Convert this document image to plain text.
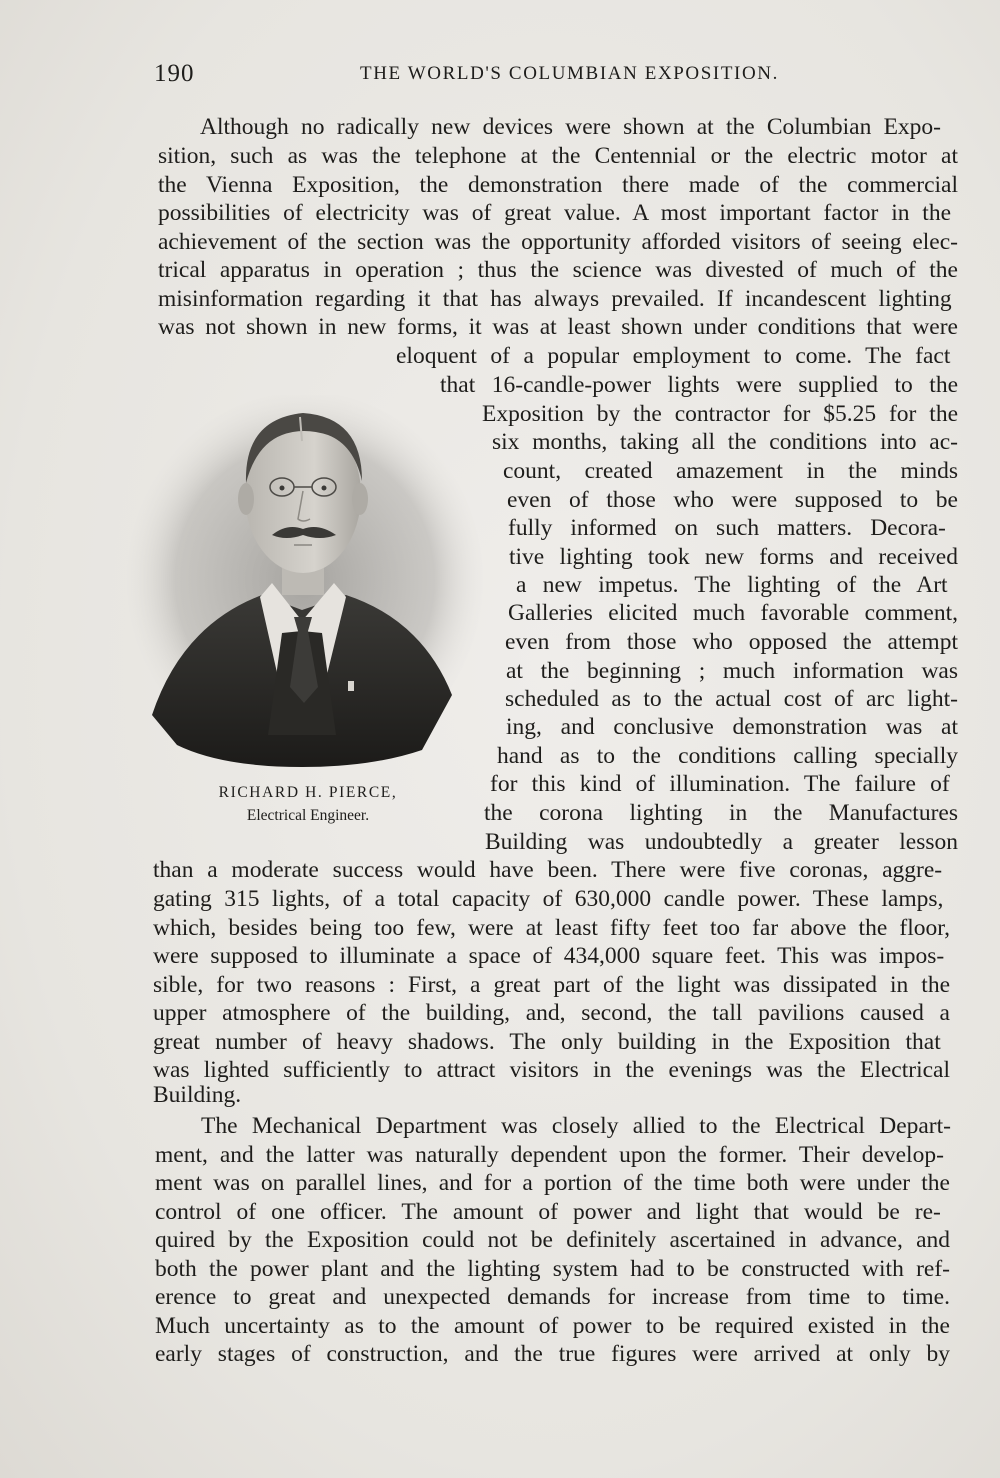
190	THE WORLD'S COLUMBIAN EXPOSITION.
Although no radically new devices were shown at the Columbian Expo-
sition, such as was the telephone at the Centennial or the electric motor at
the Vienna Exposition, the demonstration there made of the commercial
possibilities of electricity was of great value. A most important factor in the
achievement of the section was the opportunity afforded visitors of seeing elec-
trical apparatus in operation ; thus the science was divested of much of the
misinformation regarding it that has always prevailed. If incandescent lighting
was not shown in new forms, it was at least shown under conditions that were
eloquent of a popular employment to come. The fact
that 16-candle-power lights were supplied to the
Exposition by the contractor for $5.25 for the
six months, taking all the conditions into ac-
count, created amazement in the minds
even of those who were supposed to be
fully informed on such matters. Decora-
tive lighting took new forms and received
a new impetus. The lighting of the Art
Galleries elicited much favorable comment,
even from those who opposed the attempt
at the beginning ; much information was
scheduled as to the actual cost of arc light-
ing, and conclusive demonstration was at
hand as to the conditions calling specially
for this kind of illumination. The failure of
the corona lighting in the Manufactures
Building was undoubtedly a greater lesson
than a moderate success would have been. There were five coronas, aggre-
gating 315 lights, of a total capacity of 630,000 candle power. These lamps,
which, besides being too few, were at least fifty feet too far above the floor,
were supposed to illuminate a space of 434,000 square feet. This was impos-
sible, for two reasons : First, a great part of the light was dissipated in the
upper atmosphere of the building, and, second, the tall pavilions caused a
great number of heavy shadows. The only building in the Exposition that
was lighted sufficiently to attract visitors in the evenings was the Electrical
Building.
The Mechanical Department was closely allied to the Electrical Depart-
ment, and the latter was naturally dependent upon the former. Their develop-
ment was on parallel lines, and for a portion of the time both were under the
control of one officer. The amount of power and light that would be re-
quired by the Exposition could not be definitely ascertained in advance, and
both the power plant and the lighting system had to be constructed with ref-
erence to great and unexpected demands for increase from time to time.
Much uncertainty as to the amount of power to be required existed in the
early stages of construction, and the true figures were arrived at only by
RICHARD H. PIERCE,
Electrical Engineer.
